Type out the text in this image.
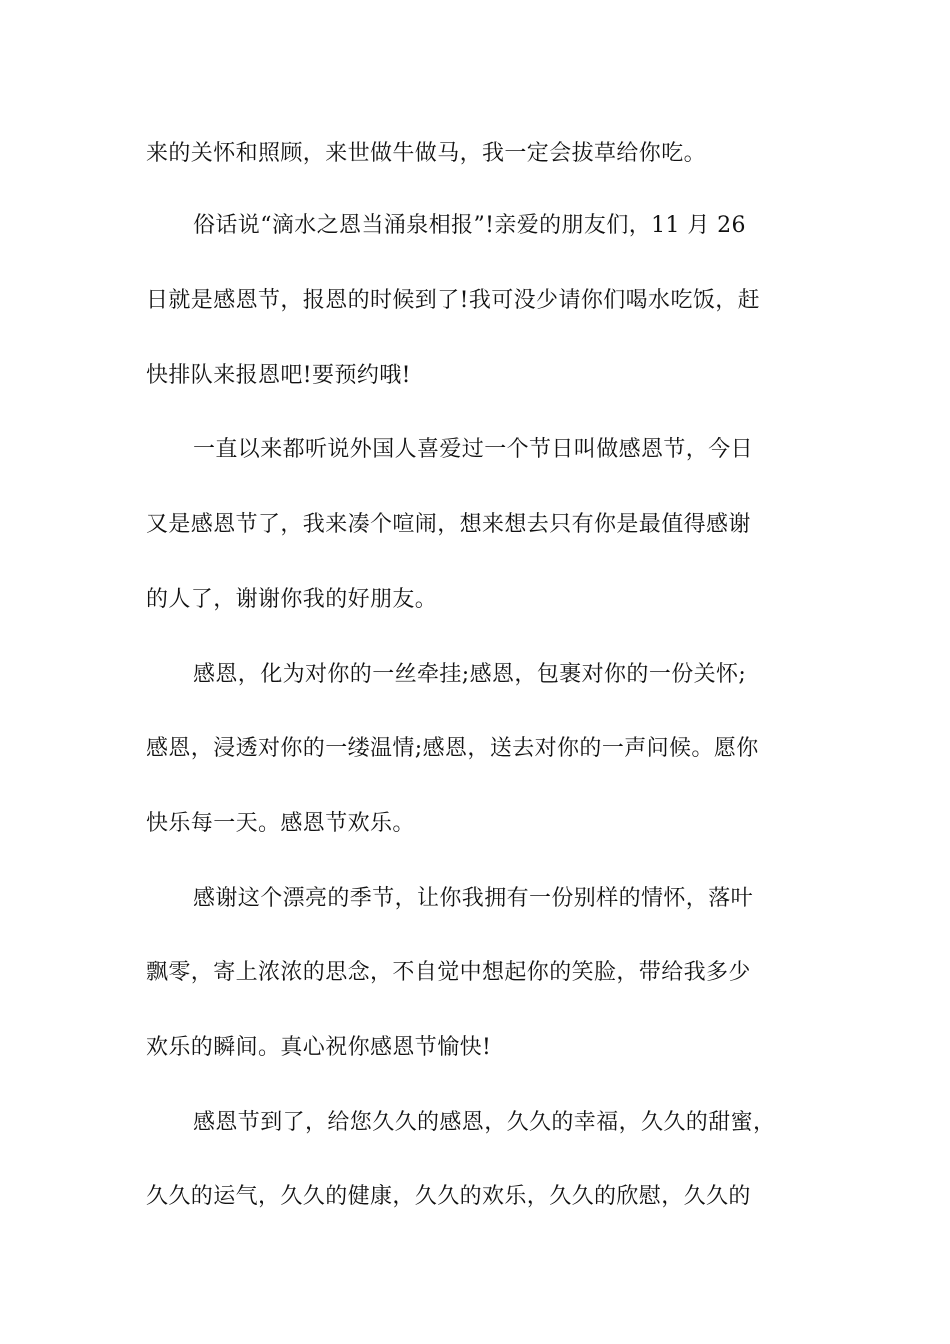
来的关怀和照顾，来世做牛做马，我一定会拔草给你吃。
俗话说“滴水之恩当涌泉相报”!亲爱的朋友们，11 月 26
日就是感恩节，报恩的时候到了!我可没少请你们喝水吃饭，赶
快排队来报恩吧!要预约哦!
一直以来都听说外国人喜爱过一个节日叫做感恩节，今日
又是感恩节了，我来凑个喧闹，想来想去只有你是最值得感谢
的人了，谢谢你我的好朋友。
感恩，化为对你的一丝牵挂;感恩，包裹对你的一份关怀;
感恩，浸透对你的一缕温情;感恩，送去对你的一声问候。愿你
快乐每一天。感恩节欢乐。
感谢这个漂亮的季节，让你我拥有一份别样的情怀，落叶
飘零，寄上浓浓的思念，不自觉中想起你的笑脸，带给我多少
欢乐的瞬间。真心祝你感恩节愉快!
感恩节到了，给您久久的感恩，久久的幸福，久久的甜蜜，
久久的运气，久久的健康，久久的欢乐，久久的欣慰，久久的
